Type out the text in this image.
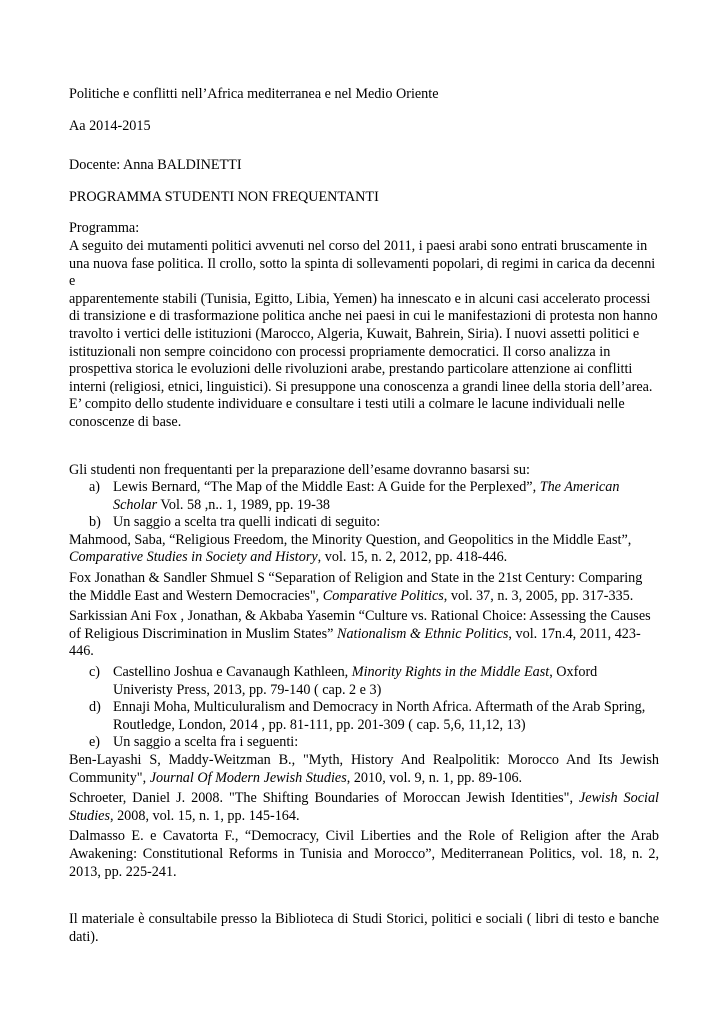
Politiche e conflitti nell’Africa mediterranea e nel Medio Oriente

Aa 2014-2015

Docente: Anna BALDINETTI

PROGRAMMA STUDENTI NON FREQUENTANTI

Programma:

A seguito dei mutamenti politici avvenuti nel corso del 2011, i paesi arabi sono entrati bruscamente in una nuova fase politica. Il crollo, sotto la spinta di sollevamenti popolari, di regimi in carica da decenni e

apparentemente stabili (Tunisia, Egitto, Libia, Yemen) ha innescato e in alcuni casi accelerato processi di transizione e di trasformazione politica anche nei paesi in cui le manifestazioni di protesta non hanno travolto i vertici delle istituzioni (Marocco, Algeria, Kuwait, Bahrein, Siria). I nuovi assetti politici e istituzionali non sempre coincidono con processi propriamente democratici. Il corso analizza in prospettiva storica le evoluzioni delle rivoluzioni arabe, prestando particolare attenzione ai conflitti interni (religiosi, etnici, linguistici). Si presuppone una conoscenza a grandi linee della storia dell’area. E’ compito dello studente individuare e consultare i testi utili a colmare le lacune individuali nelle conoscenze di base.

Gli studenti non frequentanti per la preparazione dell’esame dovranno basarsi su:

a) Lewis Bernard, “The Map of the Middle East: A Guide for the Perplexed”, The American Scholar Vol. 58 ,n.. 1, 1989, pp. 19-38
b) Un saggio a scelta tra quelli indicati di seguito:

Mahmood, Saba, “Religious Freedom, the Minority Question, and Geopolitics in the Middle East”, Comparative Studies in Society and History, vol. 15, n. 2, 2012, pp. 418-446.

Fox Jonathan & Sandler Shmuel S “Separation of Religion and State in the 21st Century: Comparing the Middle East and Western Democracies", Comparative Politics, vol. 37, n. 3, 2005, pp. 317-335.

Sarkissian Ani Fox , Jonathan, & Akbaba Yasemin “Culture vs. Rational Choice: Assessing the Causes of Religious Discrimination in Muslim States” Nationalism & Ethnic Politics, vol. 17n.4, 2011, 423-446.

c) Castellino Joshua e Cavanaugh Kathleen, Minority Rights in the Middle East, Oxford Univeristy Press, 2013, pp. 79-140 ( cap. 2 e 3)
d) Ennaji Moha, Multiculuralism and Democracy in North Africa. Aftermath of the Arab Spring, Routledge, London, 2014 , pp. 81-111, pp. 201-309 ( cap. 5,6, 11,12, 13)
e) Un saggio a scelta fra i seguenti:

Ben-Layashi S, Maddy-Weitzman B., "Myth, History And Realpolitik: Morocco And Its Jewish Community", Journal Of Modern Jewish Studies, 2010, vol. 9, n. 1, pp. 89-106.

Schroeter, Daniel J. 2008. "The Shifting Boundaries of Moroccan Jewish Identities", Jewish Social Studies, 2008, vol. 15, n. 1, pp. 145-164.

Dalmasso E. e Cavatorta F., “Democracy, Civil Liberties and the Role of Religion after the Arab Awakening: Constitutional Reforms in Tunisia and Morocco”, Mediterranean Politics, vol. 18, n. 2, 2013, pp. 225-241.

Il materiale è consultabile presso la Biblioteca di Studi Storici, politici e sociali ( libri di testo e banche dati).
